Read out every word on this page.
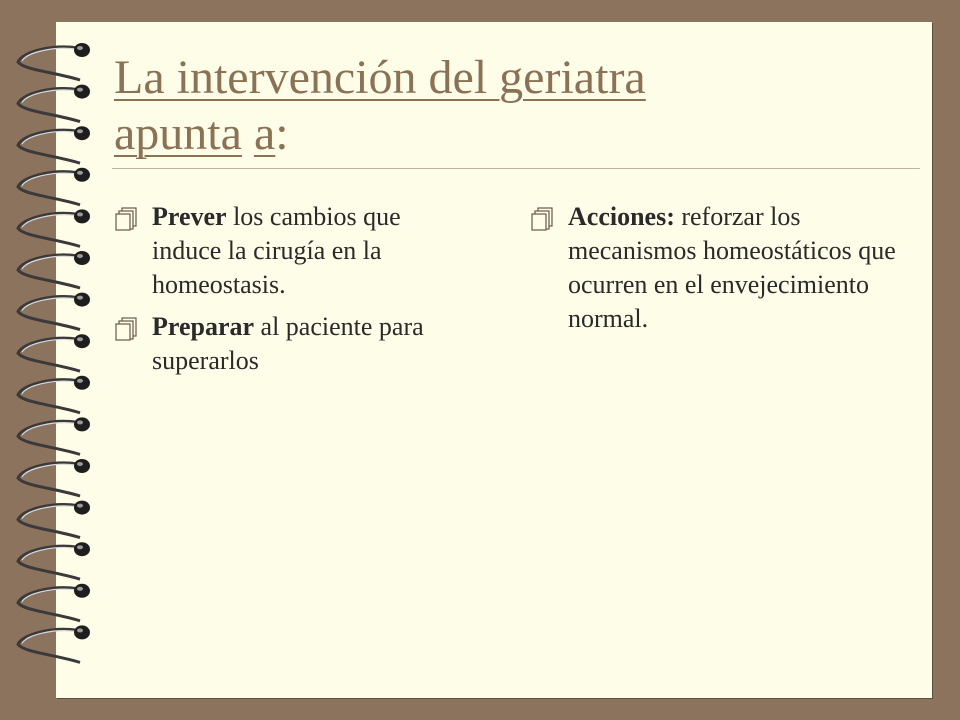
La intervención del geriatra
apunta a:

Prever los cambios que induce la cirugía en la homeostasis.

Preparar al paciente para superarlos

Acciones: reforzar los mecanismos homeostáticos que ocurren en el envejecimiento normal.
